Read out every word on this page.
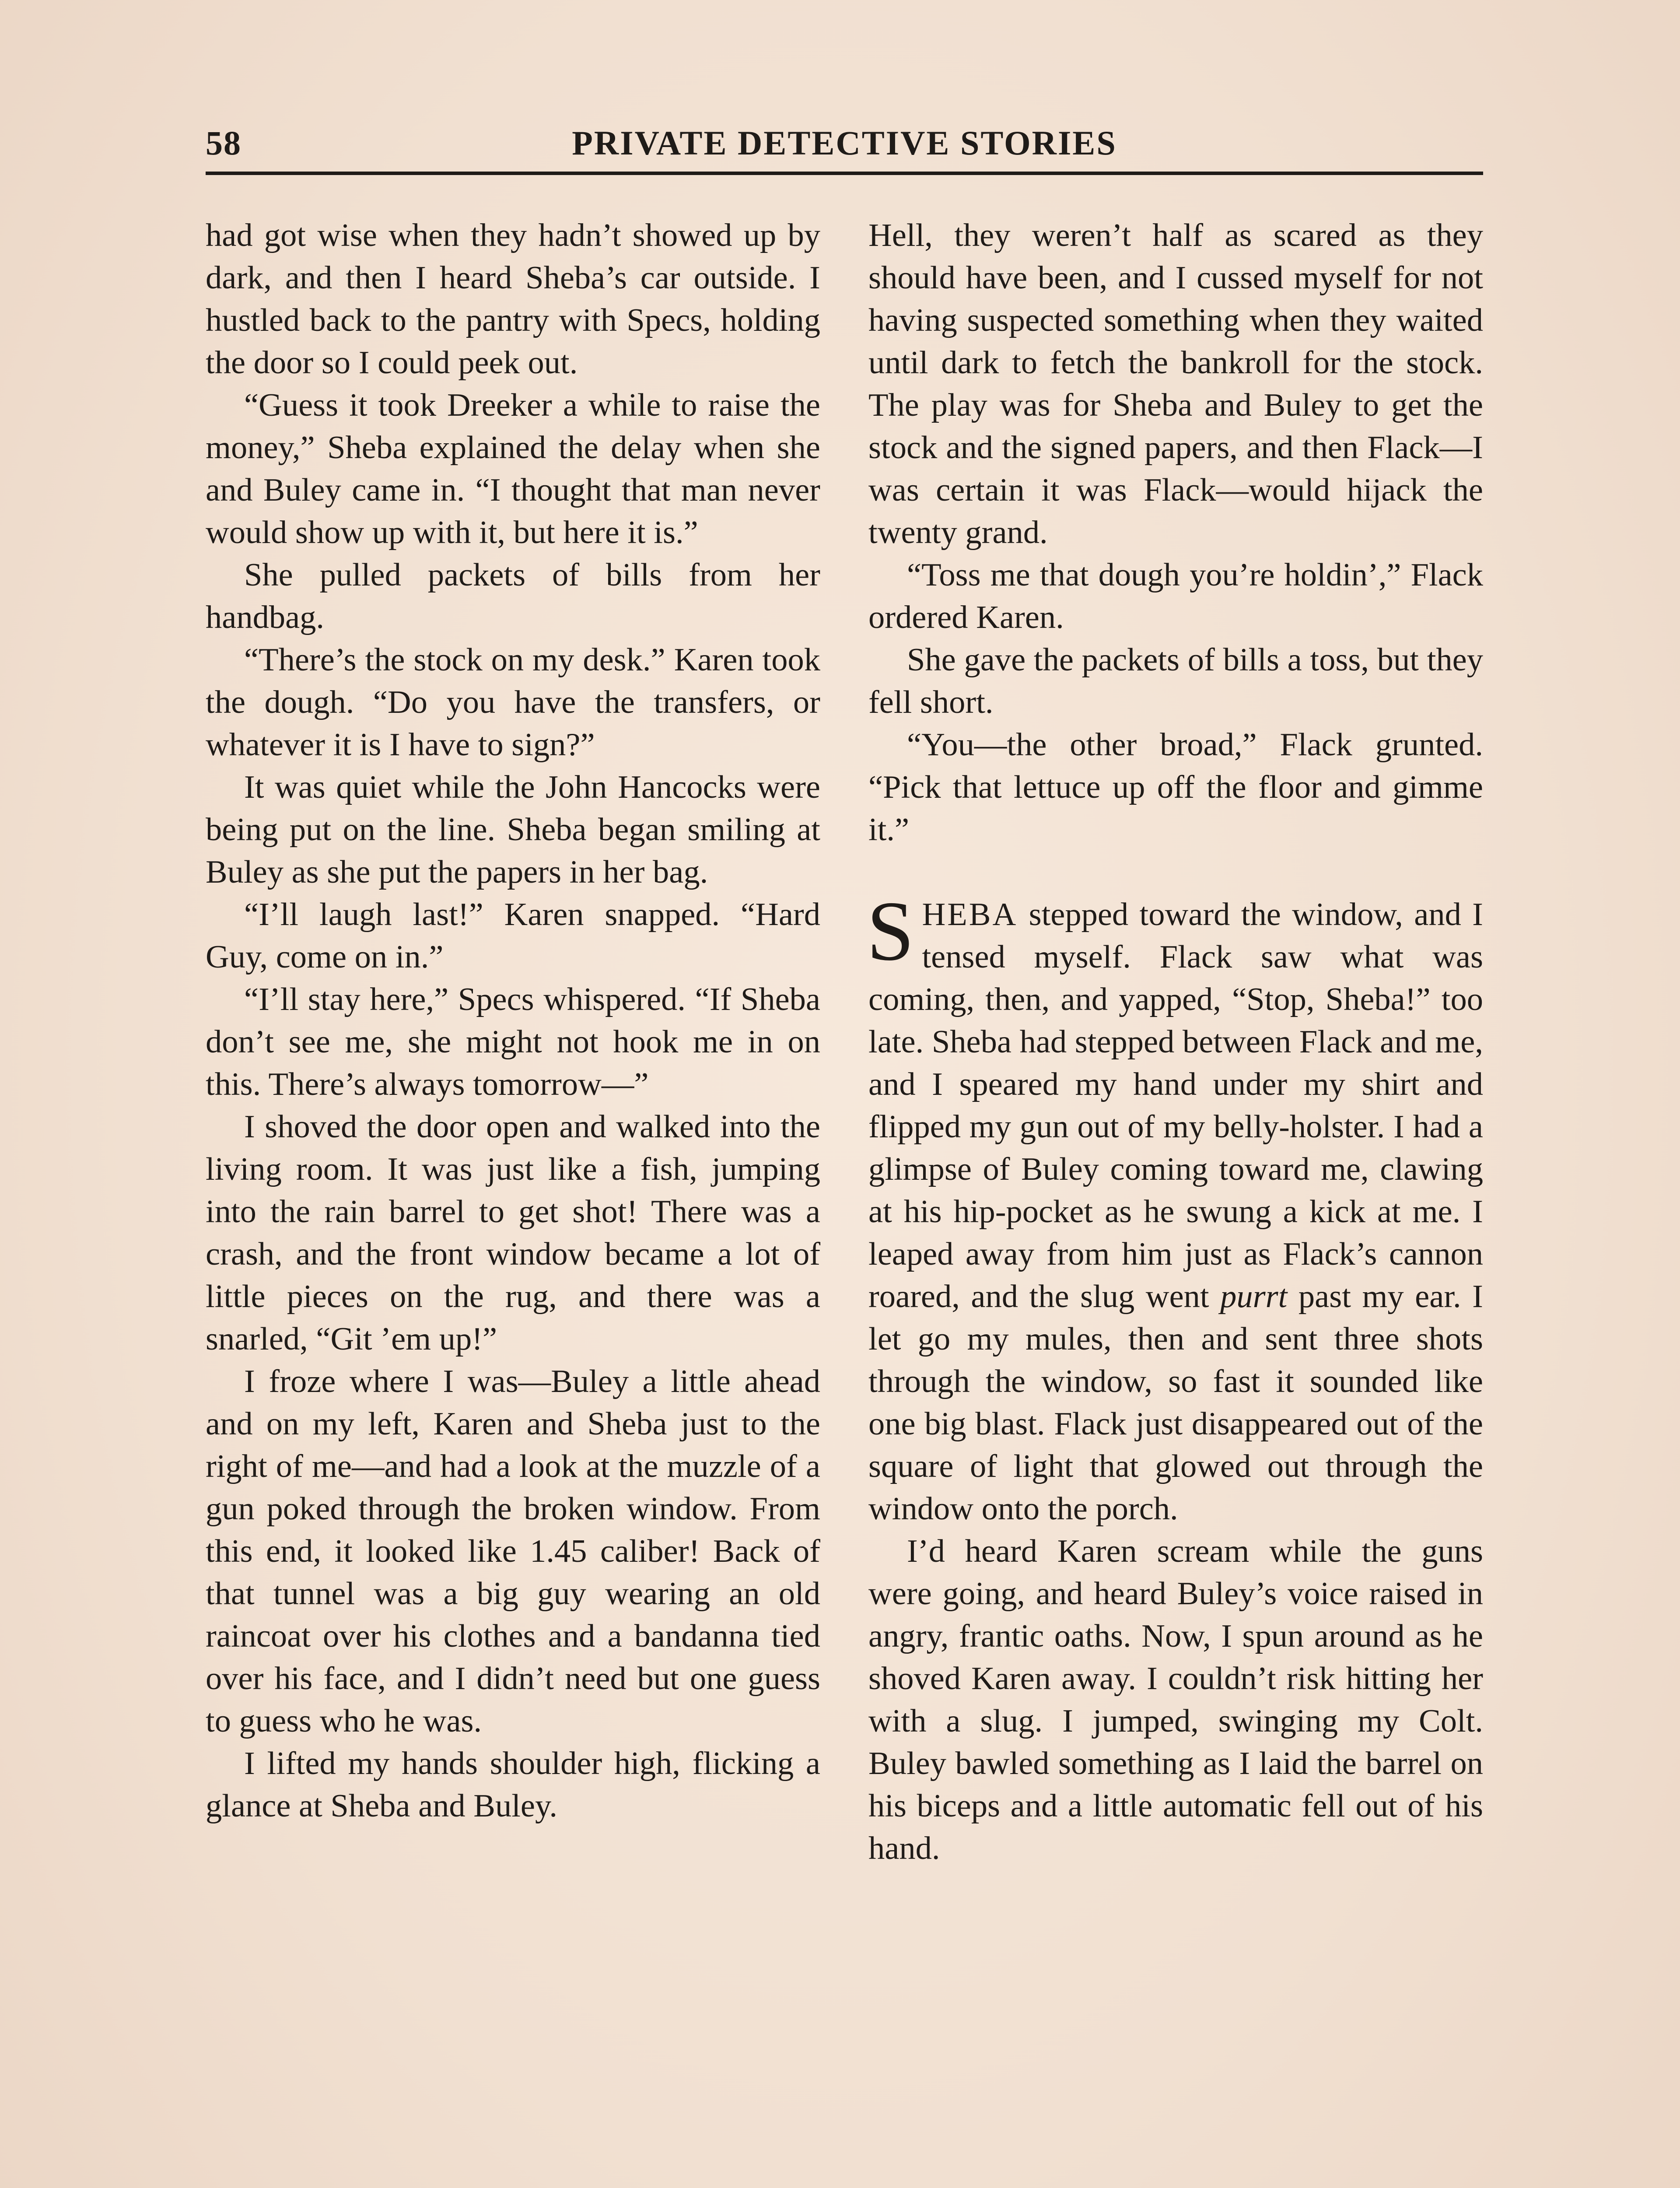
58	PRIVATE DETECTIVE STORIES

had got wise when they hadn’t showed up by dark, and then I heard Sheba’s car outside. I hustled back to the pantry with Specs, holding the door so I could peek out.

“Guess it took Dreeker a while to raise the money,” Sheba explained the delay when she and Buley came in. “I thought that man never would show up with it, but here it is.”

She pulled packets of bills from her handbag.

“There’s the stock on my desk.” Karen took the dough. “Do you have the transfers, or whatever it is I have to sign?”

It was quiet while the John Hancocks were being put on the line. Sheba began smiling at Buley as she put the papers in her bag.

“I’ll laugh last!” Karen snapped. “Hard Guy, come on in.”

“I’ll stay here,” Specs whispered. “If Sheba don’t see me, she might not hook me in on this. There’s always tomorrow—”

I shoved the door open and walked into the living room. It was just like a fish, jumping into the rain barrel to get shot! There was a crash, and the front window became a lot of little pieces on the rug, and there was a snarled, “Git ’em up!”

I froze where I was—Buley a little ahead and on my left, Karen and Sheba just to the right of me—and had a look at the muzzle of a gun poked through the broken window. From this end, it looked like 1.45 caliber! Back of that tunnel was a big guy wearing an old raincoat over his clothes and a bandanna tied over his face, and I didn’t need but one guess to guess who he was.

I lifted my hands shoulder high, flicking a glance at Sheba and Buley.

Hell, they weren’t half as scared as they should have been, and I cussed myself for not having suspected something when they waited until dark to fetch the bankroll for the stock. The play was for Sheba and Buley to get the stock and the signed papers, and then Flack—I was certain it was Flack—would hijack the twenty grand.

“Toss me that dough you’re holdin’,” Flack ordered Karen.

She gave the packets of bills a toss, but they fell short.

“You—the other broad,” Flack grunted. “Pick that lettuce up off the floor and gimme it.”

SHEBA stepped toward the window, and I tensed myself. Flack saw what was coming, then, and yapped, “Stop, Sheba!” too late. Sheba had stepped between Flack and me, and I speared my hand under my shirt and flipped my gun out of my belly-holster. I had a glimpse of Buley coming toward me, clawing at his hip-pocket as he swung a kick at me. I leaped away from him just as Flack’s cannon roared, and the slug went purrt past my ear. I let go my mules, then and sent three shots through the window, so fast it sounded like one big blast. Flack just disappeared out of the square of light that glowed out through the window onto the porch.

I’d heard Karen scream while the guns were going, and heard Buley’s voice raised in angry, frantic oaths. Now, I spun around as he shoved Karen away. I couldn’t risk hitting her with a slug. I jumped, swinging my Colt. Buley bawled something as I laid the barrel on his biceps and a little automatic fell out of his hand.
